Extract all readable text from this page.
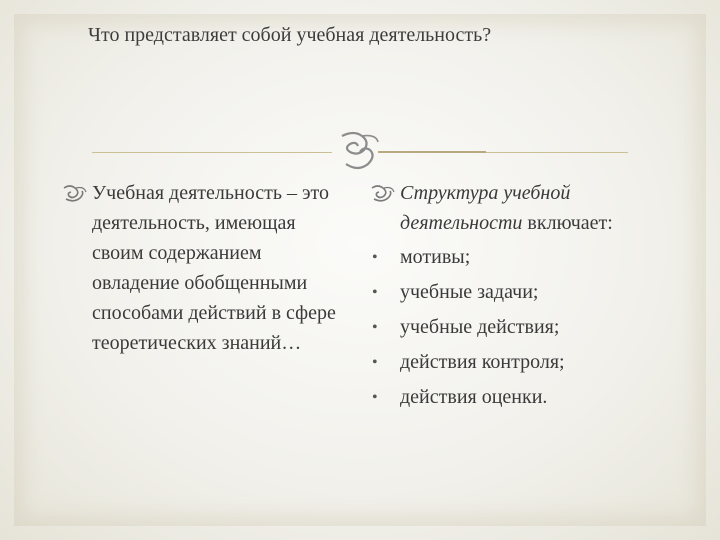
Что представляет собой учебная деятельность?
Учебная деятельность – это деятельность, имеющая своим содержанием овладение обобщенными способами действий в сфере теоретических знаний…
Структура учебной деятельности включает:
• мотивы;
• учебные задачи;
• учебные действия;
• действия контроля;
• действия оценки.
